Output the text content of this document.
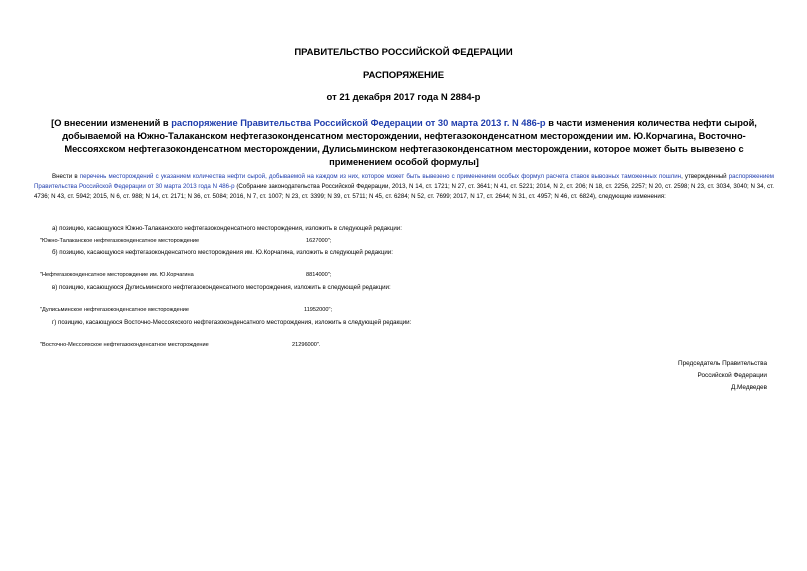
ПРАВИТЕЛЬСТВО РОССИЙСКОЙ ФЕДЕРАЦИИ
РАСПОРЯЖЕНИЕ
от 21 декабря 2017 года N 2884-р
[О внесении изменений в распоряжение Правительства Российской Федерации от 30 марта 2013 г. N 486-р в части изменения количества нефти сырой, добываемой на Южно-Талаканском нефтегазоконденсатном месторождении, нефтегазоконденсатном месторождении им. Ю.Корчагина, Восточно-Мессояхском нефтегазоконденсатном месторождении, Дулисьминском нефтегазоконденсатном месторождении, которое может быть вывезено с применением особой формулы]
Внести в перечень месторождений с указанием количества нефти сырой, добываемой на каждом из них, которое может быть вывезено с применением особых формул расчета ставок вывозных таможенных пошлин, утвержденный распоряжением Правительства Российской Федерации от 30 марта 2013 года N 486-р (Собрание законодательства Российской Федерации, 2013, N 14, ст. 1721; N 27, ст. 3641; N 41, ст. 5221; 2014, N 2, ст. 206; N 18, ст. 2256, 2257; N 20, ст. 2598; N 23, ст. 3034, 3040; N 34, ст. 4736; N 43, ст. 5942; 2015, N 6, ст. 988; N 14, ст. 2171; N 36, ст. 5084; 2016, N 7, ст. 1007; N 23, ст. 3399; N 39, ст. 5711; N 45, ст. 6284; N 52, ст. 7699; 2017, N 17, ст. 2644; N 31, ст. 4957; N 46, ст. 6824), следующие изменения:
а) позицию, касающуюся Южно-Талаканского нефтегазоконденсатного месторождения, изложить в следующей редакции:
"Южно-Талаканское нефтегазоконденсатное месторождение	1627000";
б) позицию, касающуюся нефтегазоконденсатного месторождения им. Ю.Корчагина, изложить в следующей редакции:
"Нефтегазоконденсатное месторождение им. Ю.Корчагина	8814000";
в) позицию, касающуюся Дулисьминского нефтегазоконденсатного месторождения, изложить в следующей редакции:
"Дулисьминское нефтегазоконденсатное месторождение	11952000";
г) позицию, касающуюся Восточно-Мессояхского нефтегазоконденсатного месторождения, изложить в следующей редакции:
"Восточно-Мессояхское нефтегазоконденсатное месторождение	21296000".
Председатель Правительства
Российской Федерации
Д.Медведев
